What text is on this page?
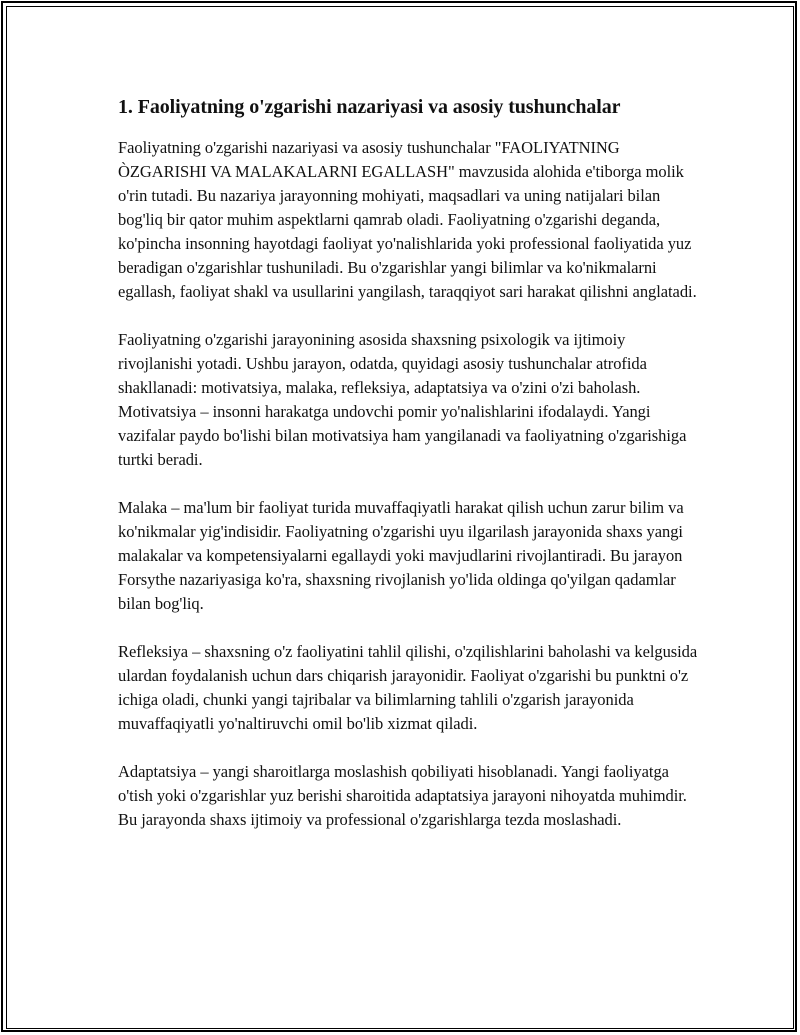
1. Faoliyatning o'zgarishi nazariyasi va asosiy tushunchalar

Faoliyatning o'zgarishi nazariyasi va asosiy tushunchalar "FAOLIYATNING ÒZGARISHI VA MALAKALARNI EGALLASH" mavzusida alohida e'tiborga molik o'rin tutadi. Bu nazariya jarayonning mohiyati, maqsadlari va uning natijalari bilan bog'liq bir qator muhim aspektlarni qamrab oladi. Faoliyatning o'zgarishi deganda, ko'pincha insonning hayotdagi faoliyat yo'nalishlarida yoki professional faoliyatida yuz beradigan o'zgarishlar tushuniladi. Bu o'zgarishlar yangi bilimlar va ko'nikmalarni egallash, faoliyat shakl va usullarini yangilash, taraqqiyot sari harakat qilishni anglatadi.

Faoliyatning o'zgarishi jarayonining asosida shaxsning psixologik va ijtimoiy rivojlanishi yotadi. Ushbu jarayon, odatda, quyidagi asosiy tushunchalar atrofida shakllanadi: motivatsiya, malaka, refleksiya, adaptatsiya va o'zini o'zi baholash. Motivatsiya – insonni harakatga undovchi pomir yo'nalishlarini ifodalaydi. Yangi vazifalar paydo bo'lishi bilan motivatsiya ham yangilanadi va faoliyatning o'zgarishiga turtki beradi.

Malaka – ma'lum bir faoliyat turida muvaffaqiyatli harakat qilish uchun zarur bilim va ko'nikmalar yig'indisidir. Faoliyatning o'zgarishi uyu ilgarilash jarayonida shaxs yangi malakalar va kompetensiyalarni egallaydi yoki mavjudlarini rivojlantiradi. Bu jarayon Forsythe nazariyasiga ko'ra, shaxsning rivojlanish yo'lida oldinga qo'yilgan qadamlar bilan bog'liq.

Refleksiya – shaxsning o'z faoliyatini tahlil qilishi, o'zqilishlarini baholashi va kelgusida ulardan foydalanish uchun dars chiqarish jarayonidir. Faoliyat o'zgarishi bu punktni o'z ichiga oladi, chunki yangi tajribalar va bilimlarning tahlili o'zgarish jarayonida muvaffaqiyatli yo'naltiruvchi omil bo'lib xizmat qiladi.

Adaptatsiya – yangi sharoitlarga moslashish qobiliyati hisoblanadi. Yangi faoliyatga o'tish yoki o'zgarishlar yuz berishi sharoitida adaptatsiya jarayoni nihoyatda muhimdir. Bu jarayonda shaxs ijtimoiy va professional o'zgarishlarga tezda moslashadi.
